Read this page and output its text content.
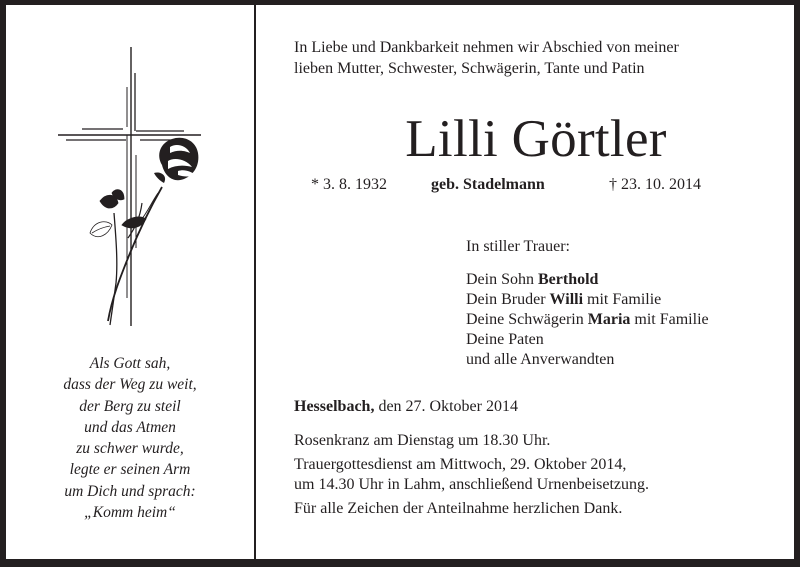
Als Gott sah,
dass der Weg zu weit,
der Berg zu steil
und das Atmen
zu schwer wurde,
legte er seinen Arm
um Dich und sprach:
„Komm heim“
In Liebe und Dankbarkeit nehmen wir Abschied von meiner
lieben Mutter, Schwester, Schwägerin, Tante und Patin
Lilli Görtler
* 3. 8. 1932	geb. Stadelmann	† 23. 10. 2014
In stiller Trauer:
Dein Sohn Berthold
Dein Bruder Willi mit Familie
Deine Schwägerin Maria mit Familie
Deine Paten
und alle Anverwandten
Hesselbach, den 27. Oktober 2014
Rosenkranz am Dienstag um 18.30 Uhr.
Trauergottesdienst am Mittwoch, 29. Oktober 2014,
um 14.30 Uhr in Lahm, anschließend Urnenbeisetzung.
Für alle Zeichen der Anteilnahme herzlichen Dank.
